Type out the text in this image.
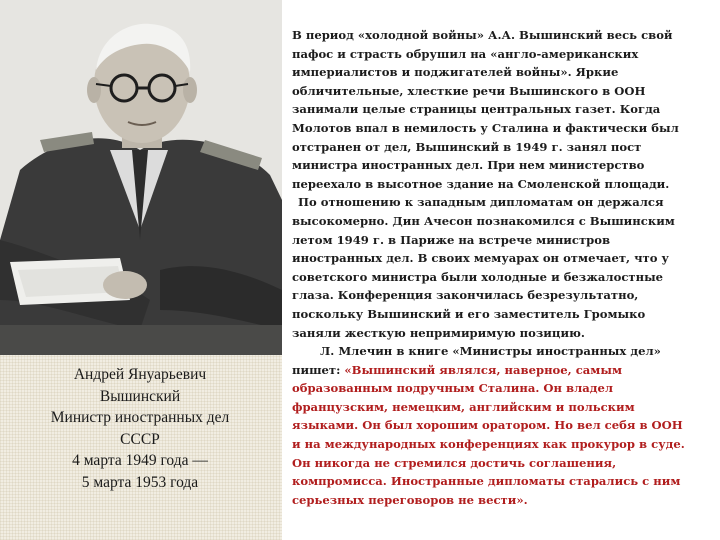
Андрей Януарьевич
Вышинский
Министр иностранных дел
СССР
4 марта 1949 года —
5 марта 1953 года
В период «холодной войны» А.А. Вышинский весь свой
пафос и страсть обрушил на «англо-американских
империалистов и поджигателей войны». Яркие
обличительные, хлесткие речи Вышинского в ООН
занимали целые страницы центральных газет. Когда
Молотов впал в немилость у Сталина и фактически был
отстранен от дел, Вышинский в 1949 г. занял пост
министра иностранных дел. При нем министерство
переехало в высотное здание на Смоленской площади.
По отношению к западным дипломатам он держался
высокомерно. Дин Ачесон познакомился с Вышинским
летом 1949 г. в Париже на встрече министров
иностранных дел. В своих мемуарах он отмечает, что у
советского министра были холодные и безжалостные
глаза. Конференция закончилась безрезультатно,
поскольку Вышинский и его заместитель Громыко
заняли жесткую непримиримую позицию.
Л. Млечин в книге «Министры иностранных дел»
пишет: «Вышинский являлся, наверное, самым
образованным подручным Сталина. Он владел
французским, немецким, английским и польским
языками. Он был хорошим оратором. Но вел себя в ООН
и на международных конференциях как прокурор в суде.
Он никогда не стремился достичь соглашения,
компромисса. Иностранные дипломаты старались с ним
серьезных переговоров не вести».
